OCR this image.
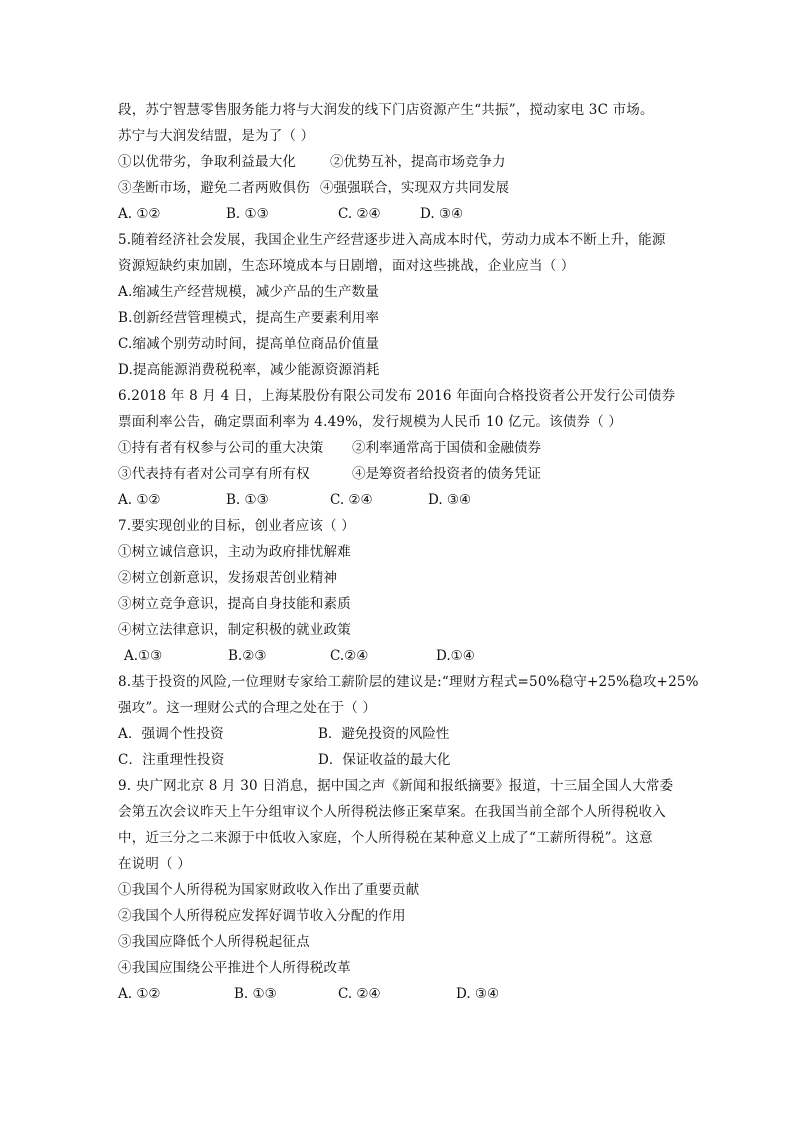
段，苏宁智慧零售服务能力将与大润发的线下门店资源产生“共振”，搅动家电 3C 市场。
苏宁与大润发结盟，是为了（ ）
①以优带劣，争取利益最大化	②优势互补，提高市场竞争力
③垄断市场，避免二者两败俱伤 ④强强联合，实现双方共同发展
A. ①②	B. ①③	C. ②④	D. ③④
5.随着经济社会发展，我国企业生产经营逐步进入高成本时代，劳动力成本不断上升，能源
资源短缺约束加剧，生态环境成本与日剧增，面对这些挑战，企业应当（ ）
A.缩减生产经营规模，减少产品的生产数量
B.创新经营管理模式，提高生产要素利用率
C.缩减个别劳动时间，提高单位商品价值量
D.提高能源消费税税率，减少能源资源消耗
6.2018 年 8 月 4 日，上海某股份有限公司发布 2016 年面向合格投资者公开发行公司债券
票面利率公告，确定票面利率为 4.49%，发行规模为人民币 10 亿元。该债券（ ）
①持有者有权参与公司的重大决策 ②利率通常高于国债和金融债券
③代表持有者对公司享有所有权	④是筹资者给投资者的债务凭证
A. ①②	B. ①③	C. ②④	D. ③④
7.要实现创业的目标，创业者应该（ ）
①树立诚信意识，主动为政府排忧解难
②树立创新意识，发扬艰苦创业精神
③树立竞争意识，提高自身技能和素质
④树立法律意识，制定积极的就业政策
A.①③	B.②③	C.②④	D.①④
8.基于投资的风险,一位理财专家给工薪阶层的建议是:“理财方程式=50%稳守+25%稳攻+25%
强攻”。这一理财公式的合理之处在于（ ）
A．强调个性投资	B．避免投资的风险性
C．注重理性投资	D．保证收益的最大化
9. 央广网北京 8 月 30 日消息，据中国之声《新闻和报纸摘要》报道，十三届全国人大常委
会第五次会议昨天上午分组审议个人所得税法修正案草案。在我国当前全部个人所得税收入
中，近三分之二来源于中低收入家庭，个人所得税在某种意义上成了“工薪所得税”。这意
在说明（ ）
①我国个人所得税为国家财政收入作出了重要贡献
②我国个人所得税应发挥好调节收入分配的作用
③我国应降低个人所得税起征点
④我国应围绕公平推进个人所得税改革
A. ①②	B. ①③	C. ②④	D. ③④
